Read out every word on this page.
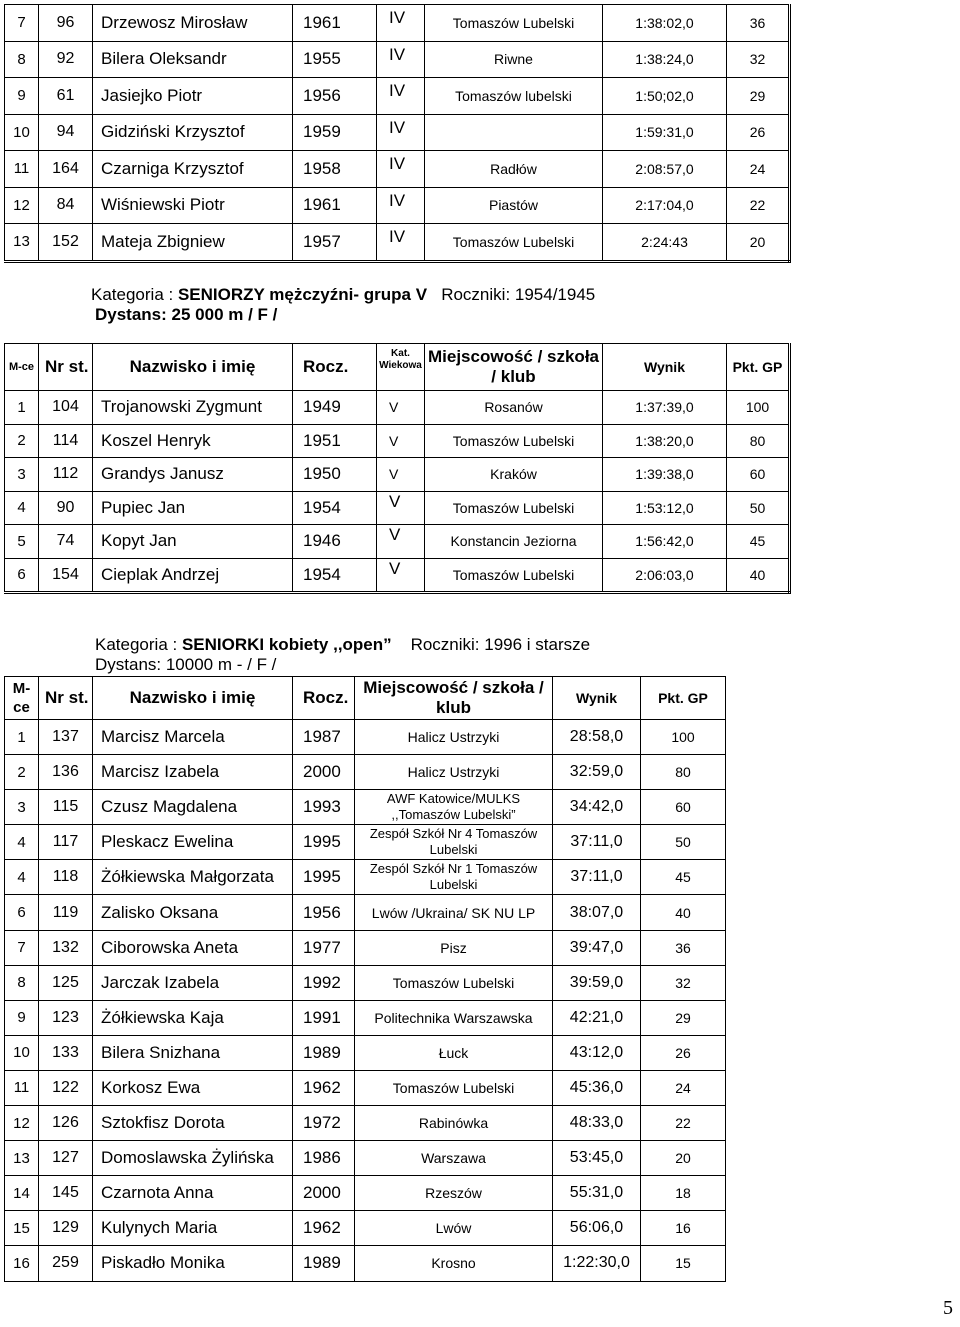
7	96	Drzewosz Mirosław	1961	IV	Tomaszów Lubelski	1:38:02,0	36
8	92	Bilera Oleksandr	1955	IV	Riwne	1:38:24,0	32
9	61	Jasiejko Piotr	1956	IV	Tomaszów lubelski	1:50;02,0	29
10	94	Gidziński Krzysztof	1959	IV		1:59:31,0	26
11	164	Czarniga Krzysztof	1958	IV	Radłów	2:08:57,0	24
12	84	Wiśniewski Piotr	1961	IV	Piastów	2:17:04,0	22
13	152	Mateja Zbigniew	1957	IV	Tomaszów Lubelski	2:24:43	20
Kategoria : SENIORZY mężczyźni- grupa V Roczniki: 1954/1945
Dystans: 25 000 m / F /
M-ce	Nr st.	Nazwisko i imię	Rocz.	Kat. Wiekowa	Miejscowość / szkoła / klub	Wynik	Pkt. GP
1	104	Trojanowski Zygmunt	1949	V	Rosanów	1:37:39,0	100
2	114	Koszel Henryk	1951	V	Tomaszów Lubelski	1:38:20,0	80
3	112	Grandys Janusz	1950	V	Kraków	1:39:38,0	60
4	90	Pupiec Jan	1954	V	Tomaszów Lubelski	1:53:12,0	50
5	74	Kopyt Jan	1946	V	Konstancin Jeziorna	1:56:42,0	45
6	154	Cieplak Andrzej	1954	V	Tomaszów Lubelski	2:06:03,0	40
Kategoria : SENIORKI kobiety ,,open” Roczniki: 1996 i starsze
Dystans: 10000 m - / F /
M-ce	Nr st.	Nazwisko i imię	Rocz.	Miejscowość / szkoła / klub	Wynik	Pkt. GP
1	137	Marcisz Marcela	1987	Halicz Ustrzyki	28:58,0	100
2	136	Marcisz Izabela	2000	Halicz Ustrzyki	32:59,0	80
3	115	Czusz Magdalena	1993	AWF Katowice/MULKS ,,Tomaszów Lubelski”	34:42,0	60
4	117	Pleskacz Ewelina	1995	Zespół Szkół Nr 4 Tomaszów Lubelski	37:11,0	50
4	118	Żółkiewska Małgorzata	1995	Zespól Szkół Nr 1 Tomaszów Lubelski	37:11,0	45
6	119	Zalisko Oksana	1956	Lwów /Ukraina/ SK NU LP	38:07,0	40
7	132	Ciborowska Aneta	1977	Pisz	39:47,0	36
8	125	Jarczak Izabela	1992	Tomaszów Lubelski	39:59,0	32
9	123	Żółkiewska Kaja	1991	Politechnika Warszawska	42:21,0	29
10	133	Bilera Snizhana	1989	Łuck	43:12,0	26
11	122	Korkosz Ewa	1962	Tomaszów Lubelski	45:36,0	24
12	126	Sztokfisz Dorota	1972	Rabinówka	48:33,0	22
13	127	Domoslawska Żylińska	1986	Warszawa	53:45,0	20
14	145	Czarnota Anna	2000	Rzeszów	55:31,0	18
15	129	Kulynych Maria	1962	Lwów	56:06,0	16
16	259	Piskadło Monika	1989	Krosno	1:22:30,0	15
5
